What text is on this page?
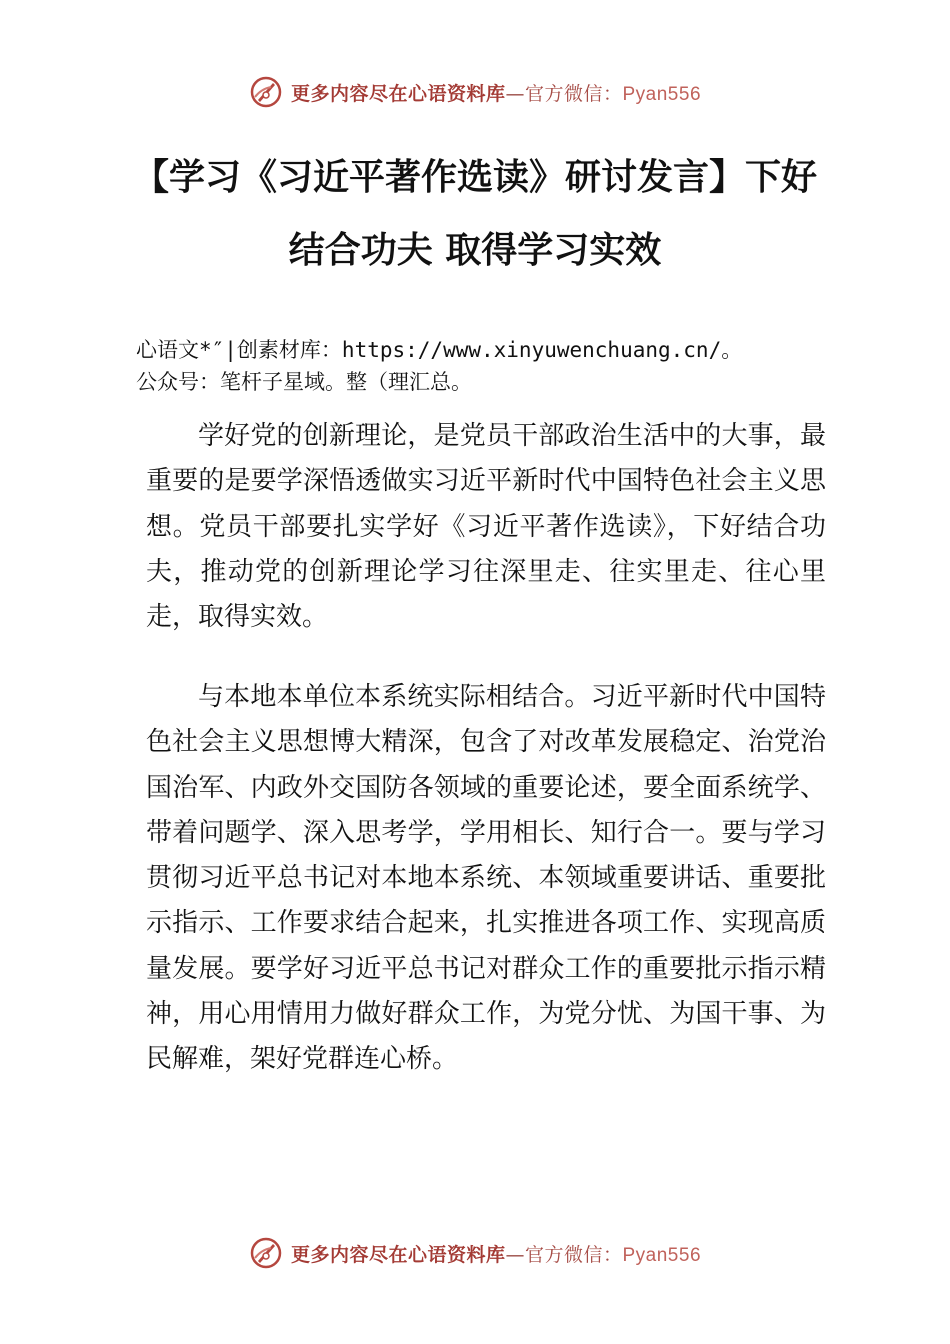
更多内容尽在心语资料库—官方微信：Pyan556
【学习《习近平著作选读》研讨发言】下好
结合功夫 取得学习实效
心语文*″|创素材库：https://www.xinyuwenchuang.cn/。
公众号：笔杆子星域。整（理汇总。

学好党的创新理论，是党员干部政治生活中的大事，最重要的是要学深悟透做实习近平新时代中国特色社会主义思想。党员干部要扎实学好《习近平著作选读》，下好结合功夫，推动党的创新理论学习往深里走、往实里走、往心里走，取得实效。

与本地本单位本系统实际相结合。习近平新时代中国特色社会主义思想博大精深，包含了对改革发展稳定、治党治国治军、内政外交国防各领域的重要论述，要全面系统学、带着问题学、深入思考学，学用相长、知行合一。要与学习贯彻习近平总书记对本地本系统、本领域重要讲话、重要批示指示、工作要求结合起来，扎实推进各项工作、实现高质量发展。要学好习近平总书记对群众工作的重要批示指示精神，用心用情用力做好群众工作，为党分忧、为国干事、为民解难，架好党群连心桥。

更多内容尽在心语资料库—官方微信：Pyan556
